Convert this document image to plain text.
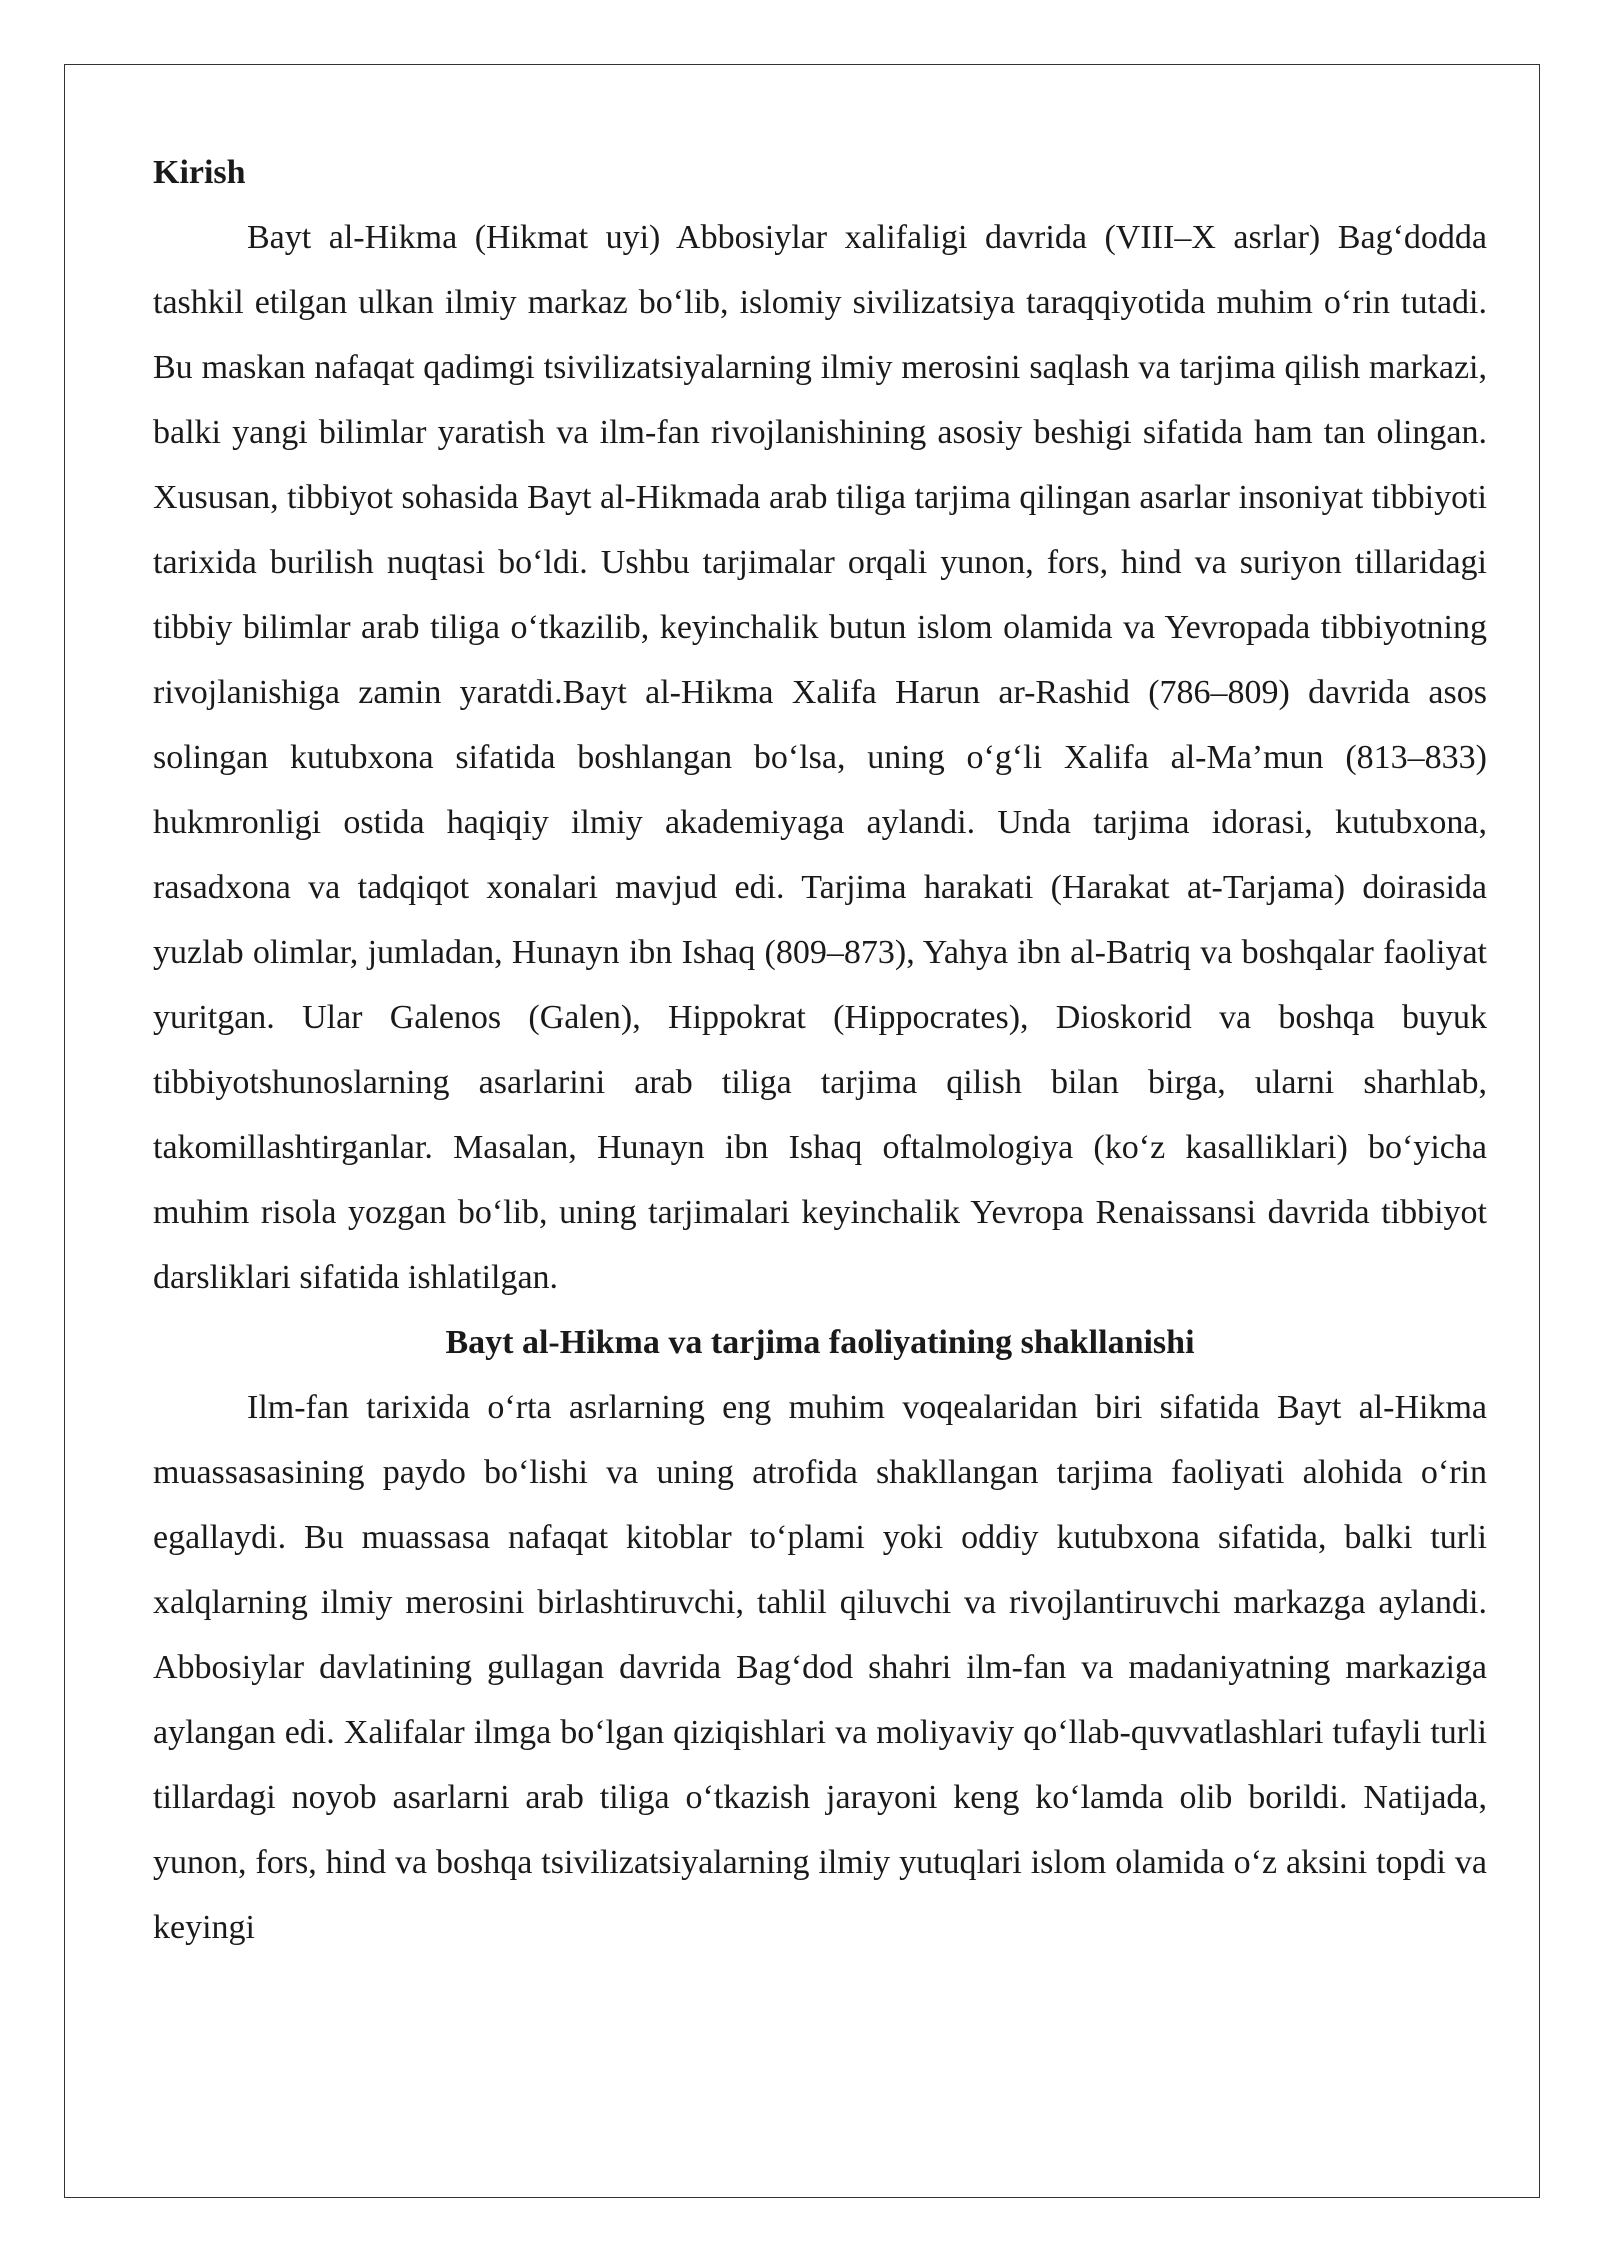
Kirish

Bayt al-Hikma (Hikmat uyi) Abbosiylar xalifaligi davrida (VIII–X asrlar) Bag‘dodda tashkil etilgan ulkan ilmiy markaz bo‘lib, islomiy sivilizatsiya taraqqiyotida muhim o‘rin tutadi. Bu maskan nafaqat qadimgi tsivilizatsiyalarning ilmiy merosini saqlash va tarjima qilish markazi, balki yangi bilimlar yaratish va ilm-fan rivojlanishining asosiy beshigi sifatida ham tan olingan. Xususan, tibbiyot sohasida Bayt al-Hikmada arab tiliga tarjima qilingan asarlar insoniyat tibbiyoti tarixida burilish nuqtasi bo‘ldi. Ushbu tarjimalar orqali yunon, fors, hind va suriyon tillaridagi tibbiy bilimlar arab tiliga o‘tkazilib, keyinchalik butun islom olamida va Yevropada tibbiyotning rivojlanishiga zamin yaratdi.Bayt al-Hikma Xalifa Harun ar-Rashid (786–809) davrida asos solingan kutubxona sifatida boshlangan bo‘lsa, uning o‘g‘li Xalifa al-Ma’mun (813–833) hukmronligi ostida haqiqiy ilmiy akademiyaga aylandi. Unda tarjima idorasi, kutubxona, rasadxona va tadqiqot xonalari mavjud edi. Tarjima harakati (Harakat at-Tarjama) doirasida yuzlab olimlar, jumladan, Hunayn ibn Ishaq (809–873), Yahya ibn al-Batriq va boshqalar faoliyat yuritgan. Ular Galenos (Galen), Hippokrat (Hippocrates), Dioskorid va boshqa buyuk tibbiyotshunoslarning asarlarini arab tiliga tarjima qilish bilan birga, ularni sharhlab, takomillashtirganlar. Masalan, Hunayn ibn Ishaq oftalmologiya (ko‘z kasalliklari) bo‘yicha muhim risola yozgan bo‘lib, uning tarjimalari keyinchalik Yevropa Renaissansi davrida tibbiyot darsliklari sifatida ishlatilgan.

Bayt al-Hikma va tarjima faoliyatining shakllanishi

Ilm-fan tarixida o‘rta asrlarning eng muhim voqealaridan biri sifatida Bayt al-Hikma muassasasining paydo bo‘lishi va uning atrofida shakllangan tarjima faoliyati alohida o‘rin egallaydi. Bu muassasa nafaqat kitoblar to‘plami yoki oddiy kutubxona sifatida, balki turli xalqlarning ilmiy merosini birlashtiruvchi, tahlil qiluvchi va rivojlantiruvchi markazga aylandi. Abbosiylar davlatining gullagan davrida Bag‘dod shahri ilm-fan va madaniyatning markaziga aylangan edi. Xalifalar ilmga bo‘lgan qiziqishlari va moliyaviy qo‘llab-quvvatlashlari tufayli turli tillardagi noyob asarlarni arab tiliga o‘tkazish jarayoni keng ko‘lamda olib borildi. Natijada, yunon, fors, hind va boshqa tsivilizatsiyalarning ilmiy yutuqlari islom olamida o‘z aksini topdi va keyingi
